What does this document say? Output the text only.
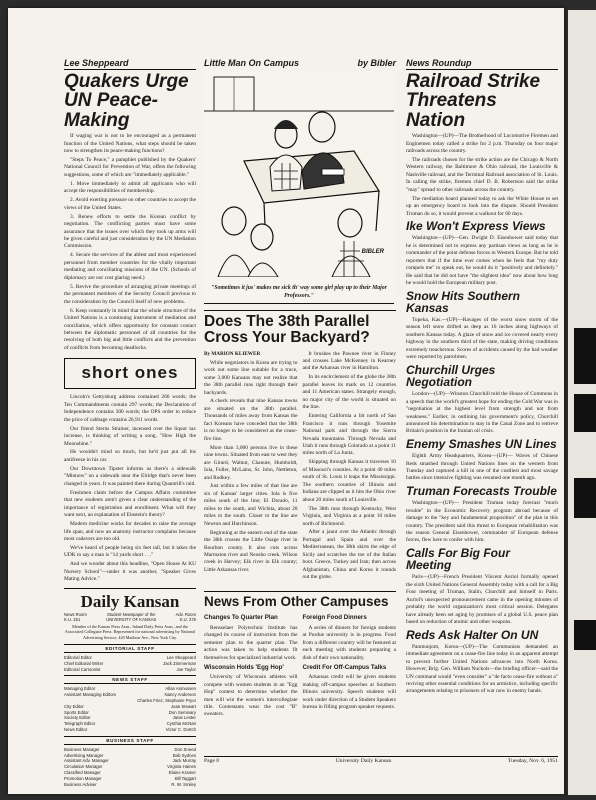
Lee Sheppeard
Quakers Urge UN Peace-Making

If waging war is not to be encouraged as a permanent function of the United Nations, what steps should be taken now to strengthen its peace-making functions?

"Steps To Peace," a pamphlet published by the Quakers' National Council for Prevention of War, offers the following suggestions, some of which are "immediately applicable."

1. Move immediately to admit all applicants who will accept the responsibilities of membership.

2. Avoid exerting pressure on other countries to accept the views of the United States.

3. Renew efforts to settle the Korean conflict by negotiation. The conflicting parties must have some assurance that the issues over which they took up arms will be given careful and just consideration by the UN Mediation Commission.

4. Secure the services of the ablest and most experienced personnel from member countries for the vitally important mediating and conciliating missions of the UN. (Schools of diplomacy are our cost glaring need.)

5. Revive the procedure of arranging private meetings of the permanent members of the Security Council previous to the consideration by the Council itself of new problems.

6. Keep constantly in mind that the whole structure of the United Nations is a continuing instrument of mediation and conciliation, which offers opportunity for constant contact between the diplomatic personnel of all countries for the resolving of both big and little conflicts and the prevention of conflicts from becoming deadlocks.

short ones

Lincoln's Gettysburg address contained 266 words; the Ten Commandments contain 297 words; the Declaration of Independence contains 300 words; the OPS order to reduce the price of cabbage contains 26,911 words.

Our friend Sterns Strainer, incensed over the liquor tax increase, is thinking of writing a song, "How High the Moonshine."

He wouldn't mind so much, but he'd just put all his antifreeze in his car.

Our Downtown Tipster informs us there's a sidewalk "Minnow" on a sidewalk near the Elridge that's never been changed in years. It was painted there during Quantrill's raid.

Freshmen claim before the Campus Affairs committee that new students aren't given a clear understanding of the importance of registration and enrollment. What will they want next, an explanation of Einstein's theory?

Modern medicine works for decades to raise the average life span, and now an anatomy instructor complains because most cadavers are too old.

We've heard of people being six feet tall, but it takes the UDK to say a man is "14 yards short . . ."

And we wonder about this headline, "Open House At KU Nursery School"—under it was another, "Speaker Gives Mating Advice."

Daily Kansan
News Room
K.U. 251
Student Newspaper of the
UNIVERSITY OF KANSAS
Adv. Room
K.U. 376
Member of the Kansas Press Assn., Inland Daily Press Assn., and the Associated Collegiate Press. Represented for national advertising by National Advertising Service, 420 Madison Ave., New York City.
EDITORIAL STAFF
Editorial Editor	Lee Sheppeard
Chief Editorial Writer	Jack Zimmerman
Editorial Cartoonist	Joe Taylor
NEWS STAFF
Managing Editor	Allan Asmussen
Assistant Managing Editors	Nancy Anderson
Charles Friez, Stephanie Pryor
City Editor	Joan Stewart
Sports Editor	Don Seminary
Society Editor	Janie Lester
Telegraph Editor	Cynthia McNair
News Editor	Victor C. Dortch
BUSINESS STAFF
Business Manager	Don Sneed
Advertising Manager	Bob Sydnes
Assistant Adv. Manager	Jack Murray
Circulation Manager	Virginia Haines
Classified Manager	Elaine Kramer
Promotion Manager	Bill Taggart
Business Adviser	R. W. Smiley
Little Man On Campus	by Bibler
BIBLER
"Sometimes it jus' makes me sick th' way some girl play up to their Major Professors."
Does The 38th Parallel Cross Your Backyard?
By MARION KLIEWER

While negotiators in Korea are trying to work out some line suitable for a truce, some 3,000 Kansans may not realize that the 38th parallel runs right through their backyards.

A check reveals that nine Kansas towns are situated on the 38th parallel. Thousands of miles away from Kansas the fact Koreans have conceded that the 38th is no longer to be considered as the cease-fire line.

More than 3,000 persons live in these nine towns. Situated from east to west they are Girard, Walnut, Chanute, Humboldt, Iola, Fuller, McLains, St. John, Nettleton, and Rodkey.

Just within a few miles of that line are six of Kansas' larger cities. Iola is five miles south of the line; El Dorado, 11 miles to the south, and Wichita, about 20 miles to the south. Closer to the line are Newton and Hutchinson.

Beginning at the eastern end of the state the 38th crosses the Little Osage river in Bourbon county. It also cuts across Marmaton river and Neosho creek. Wilson creek in Harvey; Elk river in Elk county; Little Arkansas river.

It brushes the Pawnee river in Finney and crosses Lake McKenney in Kearney and the Arkansas river in Hamilton.

In its encirclement of the globe the 38th parallel leaves its mark on 12 countries and 11 American states. Strangely enough, no major city of the world is situated on the line.

Entering California a bit north of San Francisco it runs through Yosemite National park and through the Sierra Nevada mountains. Through Nevada and Utah it runs through Colorado at a point 11 miles north of La Junta.

Skipping through Kansas it traverses 10 of Missouri's counties. At a point 40 miles south of St. Louis it leaps the Mississippi. The southern counties of Illinois and Indiana are clipped as it hits the Ohio river about 20 miles south of Louisville.

The 38th runs through Kentucky, West Virginia, and Virginia at a point 10 miles north of Richmond.

After a jaunt over the Atlantic through Portugal and Spain and over the Mediterranean, the 38th skirts the edge of Sicily and scratches the toe of the Italian boot. Greece, Turkey and Iran; then across Afghanistan, China and Korea it rounds out the globe.

News From Other Campuses
Changes To Quarter Plan

Rensselaer Polytechnic Institute has changed its course of instruction from the semester plan to the quarter plan. The action was taken to help students fit themselves for specialized industrial work.

Wisconsin Holds 'Egg Hop'

University of Wisconsin athletes will compete with women students in an "Egg Hop" contest to determine whether the men will win the women's intercollegiate title. Contestants wear the cost "B" sweaters.

Foreign Food Dinners

A series of dinners for foreign students at Purdue university is in progress. Food from a different country will be featured at each meeting with students preparing a dish of their own nationality.

Credit For Off-Campus Talks

Arkansas credit will be given students making off-campus speeches at Southern Illinois university. Speech students will work under direction of a Student Speakers bureau in filling program speaker requests.

News Roundup
Railroad Strike Threatens Nation

Washington—(UP)—The Brotherhood of Locomotive Firemen and Enginemen today called a strike for 2 p.m. Thursday on four major railroads across the country.

The railroads chosen for the strike action are the Chicago & North Western railway, the Baltimore & Ohio railroad, the Louisville & Nashville railroad, and the Terminal Railroad association of St. Louis. In calling the strike, firemen chief D. B. Robertson said the strike "may" spread to other railroads across the country.

The mediation board planned today to ask the White House to set up an emergency board to look into the dispute. Should President Truman do so, it would prevent a walkout for 60 days.

Ike Won't Express Views

Washington—(UP)—Gen. Dwight D. Eisenhower said today that he is determined not to express any partisan views as long as he is commander of the point defense forces in Western Europe. But he told reporters that if the time ever comes when he feels that "my duty compels me" to speak out, he would do it "positively and definitely." He said that he did not have "the slightest idea" now about how long he would hold the European military post.

Snow Hits Southern Kansas

Topeka, Kas.—(UP)—Ravages of the worst snow storm of the season left snow drifted as deep as 16 inches along highways of southern Kansas today. A glaze of snow and ice covered nearly every highway in the southern third of the state, making driving conditions extremely treacherous. Scores of accidents caused by the bad weather were reported by patrolmen.

Churchill Urges Negotiation

London—(UP)—Winston Churchill told the House of Commons in a speech that the world's greatest hope for ending the Cold War was in "negotiation at the highest level from strength and not from weakness." Earlier, in outlining his government's policy, Churchill announced his determination to stay in the Canal Zone and to retrieve Britain's position in the Iranian oil crisis.

Enemy Smashes UN Lines

Eighth Army Headquarters, Korea—(UP)— Waves of Chinese Reds smashed through United Nations lines on the western front Tuesday and captured a hill in one of the costliest and most savage battles since intensive fighting was resumed one month ago.

Truman Forecasts Trouble

Washington—(UP)— President Truman today forecast "much trouble" in the Economic Recovery program abroad because of damage to the "key and fundamental proposition" of the plan in this country. The president said this threat to European rehabilitation was the reason General Eisenhower, commander of European defense forces, flew here to confer with him.

Calls For Big Four Meeting

Paris—(UP)—French President Vincent Auriol formally opened the sixth United Nations General Assembly today with a call for a Big Four meeting of Truman, Stalin, Churchill and himself in Paris. Auriol's unexpected pronouncement came in the opening minutes of probably the world organization's most critical session. Delegates have already been set aging by promises of a global U.S. peace plan based on reduction of atomic and other weapons.

Reds Ask Halter On UN

Panmunjom, Korea—(UP)—The Communists demanded an immediate agreement on a cease-fire line today in an apparent attempt to prevent further United Nations advances into North Korea. However, Brig. Gen. William Nuckols—the briefing officer—said the UN command would "even consider" a "de facto cease-fire without a" reviving other essential conditions for an armistice, including specific arrangements relating to prisoners of war now in enemy hands.

Page 8	University Daily Kansan	Tuesday, Nov. 6, 1951
